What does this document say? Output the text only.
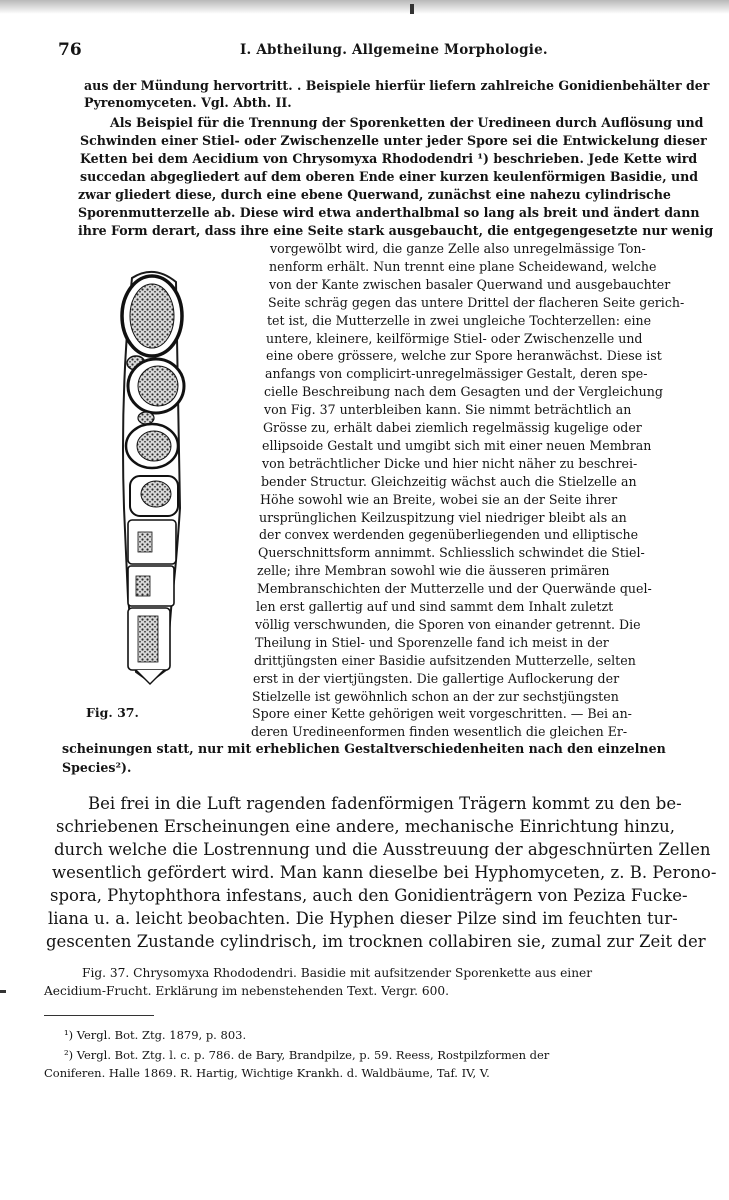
76	I. Abtheilung. Allgemeine Morphologie.
aus der Mündung hervortritt. . Beispiele hierfür liefern zahlreiche Gonidienbehälter der
Pyrenomyceten. Vgl. Abth. II.
Als Beispiel für die Trennung der Sporenketten der Uredineen durch Auflösung und
Schwinden einer Stiel- oder Zwischenzelle unter jeder Spore sei die Entwickelung dieser
Ketten bei dem Aecidium von Chrysomyxa Rhododendri ¹) beschrieben. Jede Kette wird
succedan abgegliedert auf dem oberen Ende einer kurzen keulenförmigen Basidie, und
zwar gliedert diese, durch eine ebene Querwand, zunächst eine nahezu cylindrische
Sporenmutterzelle ab. Diese wird etwa anderthalbmal so lang als breit und ändert dann
ihre Form derart, dass ihre eine Seite stark ausgebaucht, die entgegengesetzte nur wenig
vorgewölbt wird, die ganze Zelle also unregelmässige Ton-
nenform erhält. Nun trennt eine plane Scheidewand, welche
von der Kante zwischen basaler Querwand und ausgebauchter
Seite schräg gegen das untere Drittel der flacheren Seite gerich-
tet ist, die Mutterzelle in zwei ungleiche Tochterzellen: eine
untere, kleinere, keilförmige Stiel- oder Zwischenzelle und
eine obere grössere, welche zur Spore heranwächst. Diese ist
anfangs von complicirt-unregelmässiger Gestalt, deren spe-
cielle Beschreibung nach dem Gesagten und der Vergleichung
von Fig. 37 unterbleiben kann. Sie nimmt beträchtlich an
Grösse zu, erhält dabei ziemlich regelmässig kugelige oder
ellipsoide Gestalt und umgibt sich mit einer neuen Membran
von beträchtlicher Dicke und hier nicht näher zu beschrei-
bender Structur. Gleichzeitig wächst auch die Stielzelle an
Höhe sowohl wie an Breite, wobei sie an der Seite ihrer
ursprünglichen Keilzuspitzung viel niedriger bleibt als an
der convex werdenden gegenüberliegenden und elliptische
Querschnittsform annimmt. Schliesslich schwindet die Stiel-
zelle; ihre Membran sowohl wie die äusseren primären
Membranschichten der Mutterzelle und der Querwände quel-
len erst gallertig auf und sind sammt dem Inhalt zuletzt
völlig verschwunden, die Sporen von einander getrennt. Die
Theilung in Stiel- und Sporenzelle fand ich meist in der
drittjüngsten einer Basidie aufsitzenden Mutterzelle, selten
erst in der viertjüngsten. Die gallertige Auflockerung der
Stielzelle ist gewöhnlich schon an der zur sechstjüngsten
Spore einer Kette gehörigen weit vorgeschritten. — Bei an-
deren Uredineenformen finden wesentlich die gleichen Er-
scheinungen statt, nur mit erheblichen Gestaltverschiedenheiten nach den einzelnen
Species²).
Bei frei in die Luft ragenden fadenförmigen Trägern kommt zu den be-
schriebenen Erscheinungen eine andere, mechanische Einrichtung hinzu,
durch welche die Lostrennung und die Ausstreuung der abgeschnürten Zellen
wesentlich gefördert wird. Man kann dieselbe bei Hyphomyceten, z. B. Perono-
spora, Phytophthora infestans, auch den Gonidienträgern von Peziza Fucke-
liana u. a. leicht beobachten. Die Hyphen dieser Pilze sind im feuchten tur-
gescenten Zustande cylindrisch, im trocknen collabiren sie, zumal zur Zeit der
Fig. 37.
Fig. 37. Chrysomyxa Rhododendri. Basidie mit aufsitzender Sporenkette aus einer
Aecidium-Frucht. Erklärung im nebenstehenden Text. Vergr. 600.
¹) Vergl. Bot. Ztg. 1879, p. 803.
²) Vergl. Bot. Ztg. l. c. p. 786. de Bary, Brandpilze, p. 59. Reess, Rostpilzformen der
Coniferen. Halle 1869. R. Hartig, Wichtige Krankh. d. Waldbäume, Taf. IV, V.
